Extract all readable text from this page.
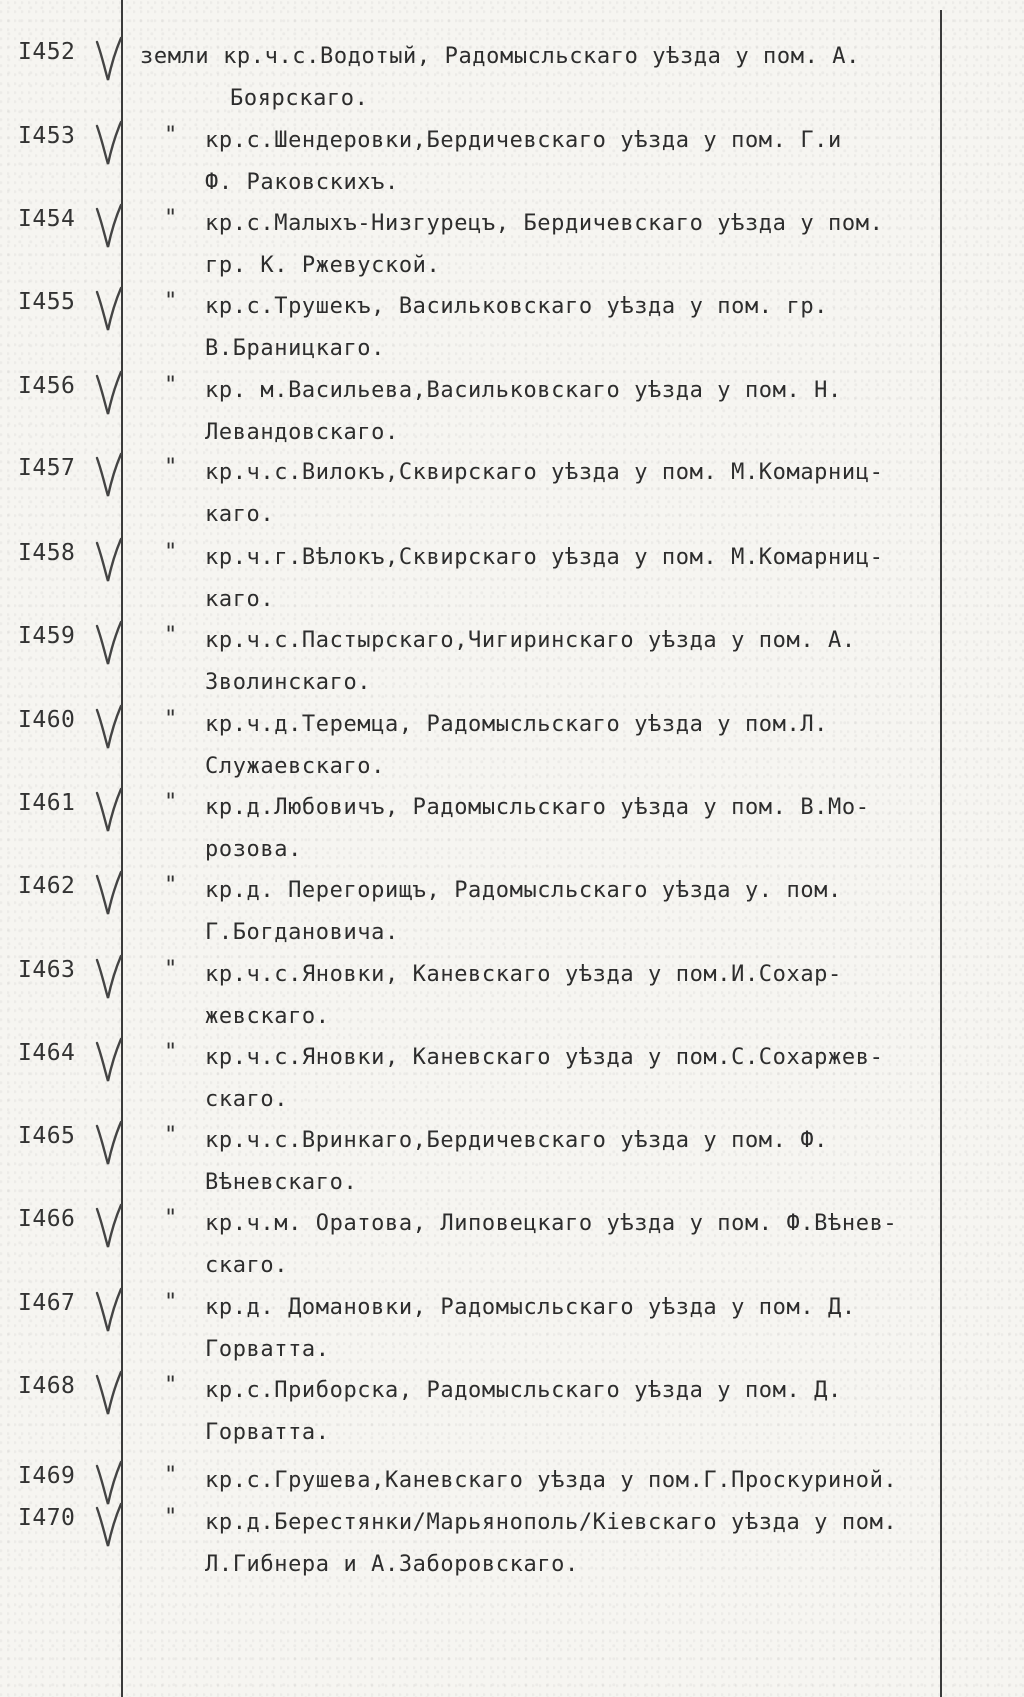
I452	земли кр.ч.с.Водотый, Радомысльскаго уѣзда у пом. А.
Боярскаго.
I453	" кр.с.Шендеровки,Бердичевскаго уѣзда у пом. Г.и
Ф. Раковскихъ.
I454	" кр.с.Малыхъ-Низгурецъ, Бердичевскаго уѣзда у пом.
гр. К. Ржевуской.
I455	" кр.с.Трушекъ, Васильковскаго уѣзда у пом. гр.
В.Браницкаго.
I456	" кр. м.Васильева,Васильковскаго уѣзда у пом. Н.
Левандовскаго.
I457	" кр.ч.с.Вилокъ,Сквирскаго уѣзда у пом. М.Комарниц-
каго.
I458	" кр.ч.г.Вѣлокъ,Сквирскаго уѣзда у пом. М.Комарниц-
каго.
I459	" кр.ч.с.Пастырскаго,Чигиринскаго уѣзда у пом. А.
Зволинскаго.
I460	" кр.ч.д.Теремца, Радомысльскаго уѣзда у пом.Л.
Служаевскаго.
I461	" кр.д.Любовичъ, Радомысльскаго уѣзда у пом. В.Мо-
розова.
I462	" кр.д. Перегорищъ, Радомысльскаго уѣзда у. пом.
Г.Богдановича.
I463	" кр.ч.с.Яновки, Каневскаго уѣзда у пом.И.Сохар-
жевскаго.
I464	" кр.ч.с.Яновки, Каневскаго уѣзда у пом.С.Сохаржев-
скаго.
I465	" кр.ч.с.Вринкаго,Бердичевскаго уѣзда у пом. Ф.
Вѣневскаго.
I466	" кр.ч.м. Оратова, Липовецкаго уѣзда у пом. Ф.Вѣнев-
скаго.
I467	" кр.д. Домановки, Радомысльскаго уѣзда у пом. Д.
Горватта.
I468	" кр.с.Приборска, Радомысльскаго уѣзда у пом. Д.
Горватта.
I469	" кр.с.Грушева,Каневскаго уѣзда у пом.Г.Проскуриной.
I470	" кр.д.Берестянки/Марьянополь/Кіевскаго уѣзда у пом.
Л.Гибнера и А.Заборовскаго.
